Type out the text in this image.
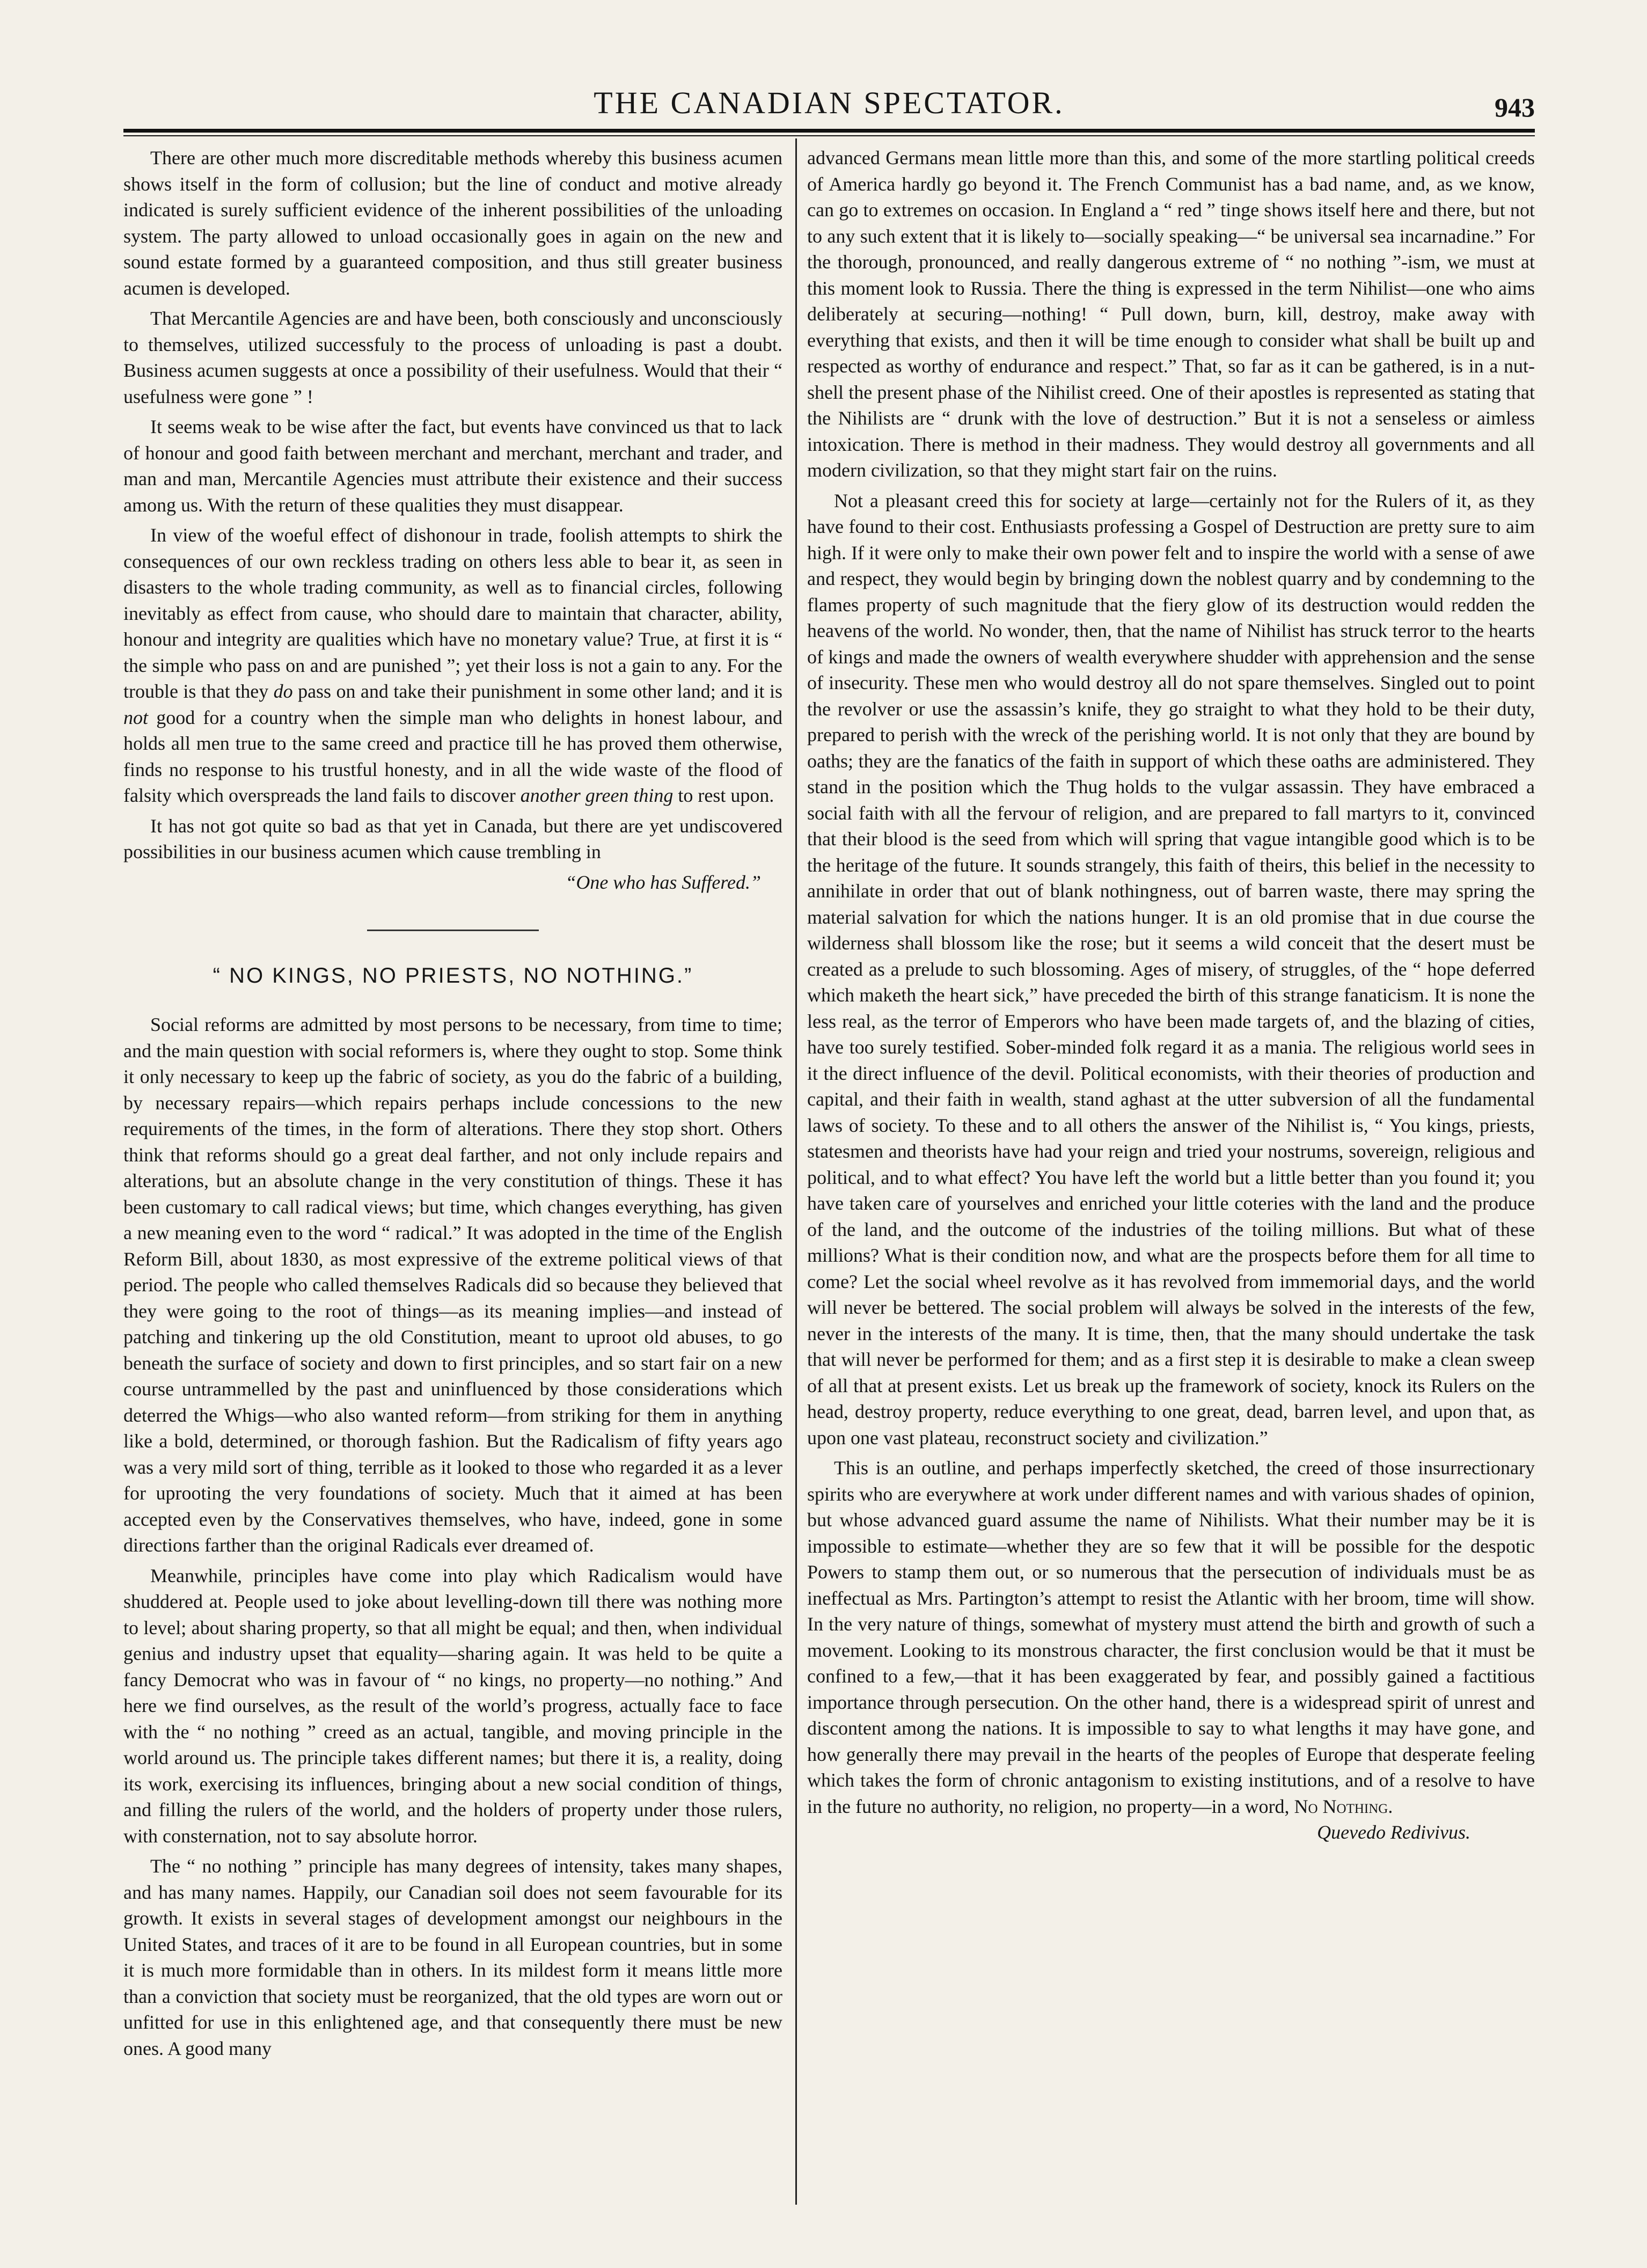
THE CANADIAN SPECTATOR.	943

There are other much more discreditable methods whereby this business acumen shows itself in the form of collusion; but the line of conduct and motive already indicated is surely sufficient evidence of the inherent possibilities of the unloading system. The party allowed to unload occasionally goes in again on the new and sound estate formed by a guaranteed composition, and thus still greater business acumen is developed.

That Mercantile Agencies are and have been, both consciously and unconsciously to themselves, utilized successfuly to the process of unloading is past a doubt. Business acumen suggests at once a possibility of their usefulness. Would that their “ usefulness were gone ” !

It seems weak to be wise after the fact, but events have convinced us that to lack of honour and good faith between merchant and merchant, merchant and trader, and man and man, Mercantile Agencies must attribute their existence and their success among us. With the return of these qualities they must disappear.

In view of the woeful effect of dishonour in trade, foolish attempts to shirk the consequences of our own reckless trading on others less able to bear it, as seen in disasters to the whole trading community, as well as to financial circles, following inevitably as effect from cause, who should dare to maintain that character, ability, honour and integrity are qualities which have no monetary value? True, at first it is “ the simple who pass on and are punished ”; yet their loss is not a gain to any. For the trouble is that they do pass on and take their punishment in some other land; and it is not good for a country when the simple man who delights in honest labour, and holds all men true to the same creed and practice till he has proved them otherwise, finds no response to his trustful honesty, and in all the wide waste of the flood of falsity which overspreads the land fails to discover another green thing to rest upon.

It has not got quite so bad as that yet in Canada, but there are yet undiscovered possibilities in our business acumen which cause trembling in

“One who has Suffered.”
“ NO KINGS, NO PRIESTS, NO NOTHING.”

Social reforms are admitted by most persons to be necessary, from time to time; and the main question with social reformers is, where they ought to stop. Some think it only necessary to keep up the fabric of society, as you do the fabric of a building, by necessary repairs—which repairs perhaps include concessions to the new requirements of the times, in the form of alterations. There they stop short. Others think that reforms should go a great deal farther, and not only include repairs and alterations, but an absolute change in the very constitution of things. These it has been customary to call radical views; but time, which changes everything, has given a new meaning even to the word “ radical.” It was adopted in the time of the English Reform Bill, about 1830, as most expressive of the extreme political views of that period. The people who called themselves Radicals did so because they believed that they were going to the root of things—as its meaning implies—and instead of patching and tinkering up the old Constitution, meant to uproot old abuses, to go beneath the surface of society and down to first principles, and so start fair on a new course untrammelled by the past and uninfluenced by those considerations which deterred the Whigs—who also wanted reform—from striking for them in anything like a bold, determined, or thorough fashion. But the Radicalism of fifty years ago was a very mild sort of thing, terrible as it looked to those who regarded it as a lever for uprooting the very foundations of society. Much that it aimed at has been accepted even by the Conservatives themselves, who have, indeed, gone in some directions farther than the original Radicals ever dreamed of.

Meanwhile, principles have come into play which Radicalism would have shuddered at. People used to joke about levelling-down till there was nothing more to level; about sharing property, so that all might be equal; and then, when individual genius and industry upset that equality—sharing again. It was held to be quite a fancy Democrat who was in favour of “ no kings, no property—no nothing.” And here we find ourselves, as the result of the world’s progress, actually face to face with the “ no nothing ” creed as an actual, tangible, and moving principle in the world around us. The principle takes different names; but there it is, a reality, doing its work, exercising its influences, bringing about a new social condition of things, and filling the rulers of the world, and the holders of property under those rulers, with consternation, not to say absolute horror.

The “ no nothing ” principle has many degrees of intensity, takes many shapes, and has many names. Happily, our Canadian soil does not seem favourable for its growth. It exists in several stages of development amongst our neighbours in the United States, and traces of it are to be found in all European countries, but in some it is much more formidable than in others. In its mildest form it means little more than a conviction that society must be reorganized, that the old types are worn out or unfitted for use in this enlightened age, and that consequently there must be new ones. A good many

advanced Germans mean little more than this, and some of the more startling political creeds of America hardly go beyond it. The French Communist has a bad name, and, as we know, can go to extremes on occasion. In England a “ red ” tinge shows itself here and there, but not to any such extent that it is likely to—socially speaking—“ be universal sea incarnadine.” For the thorough, pronounced, and really dangerous extreme of “ no nothing ”-ism, we must at this moment look to Russia. There the thing is expressed in the term Nihilist—one who aims deliberately at securing—nothing! “ Pull down, burn, kill, destroy, make away with everything that exists, and then it will be time enough to consider what shall be built up and respected as worthy of endurance and respect.” That, so far as it can be gathered, is in a nut-shell the present phase of the Nihilist creed. One of their apostles is represented as stating that the Nihilists are “ drunk with the love of destruction.” But it is not a senseless or aimless intoxication. There is method in their madness. They would destroy all governments and all modern civilization, so that they might start fair on the ruins.

Not a pleasant creed this for society at large—certainly not for the Rulers of it, as they have found to their cost. Enthusiasts professing a Gospel of Destruction are pretty sure to aim high. If it were only to make their own power felt and to inspire the world with a sense of awe and respect, they would begin by bringing down the noblest quarry and by condemning to the flames property of such magnitude that the fiery glow of its destruction would redden the heavens of the world. No wonder, then, that the name of Nihilist has struck terror to the hearts of kings and made the owners of wealth everywhere shudder with apprehension and the sense of insecurity. These men who would destroy all do not spare themselves. Singled out to point the revolver or use the assassin’s knife, they go straight to what they hold to be their duty, prepared to perish with the wreck of the perishing world. It is not only that they are bound by oaths; they are the fanatics of the faith in support of which these oaths are administered. They stand in the position which the Thug holds to the vulgar assassin. They have embraced a social faith with all the fervour of religion, and are prepared to fall martyrs to it, convinced that their blood is the seed from which will spring that vague intangible good which is to be the heritage of the future. It sounds strangely, this faith of theirs, this belief in the necessity to annihilate in order that out of blank nothingness, out of barren waste, there may spring the material salvation for which the nations hunger. It is an old promise that in due course the wilderness shall blossom like the rose; but it seems a wild conceit that the desert must be created as a prelude to such blossoming. Ages of misery, of struggles, of the “ hope deferred which maketh the heart sick,” have preceded the birth of this strange fanaticism. It is none the less real, as the terror of Emperors who have been made targets of, and the blazing of cities, have too surely testified. Sober-minded folk regard it as a mania. The religious world sees in it the direct influence of the devil. Political economists, with their theories of production and capital, and their faith in wealth, stand aghast at the utter subversion of all the fundamental laws of society. To these and to all others the answer of the Nihilist is, “ You kings, priests, statesmen and theorists have had your reign and tried your nostrums, sovereign, religious and political, and to what effect? You have left the world but a little better than you found it; you have taken care of yourselves and enriched your little coteries with the land and the produce of the land, and the outcome of the industries of the toiling millions. But what of these millions? What is their condition now, and what are the prospects before them for all time to come? Let the social wheel revolve as it has revolved from immemorial days, and the world will never be bettered. The social problem will always be solved in the interests of the few, never in the interests of the many. It is time, then, that the many should undertake the task that will never be performed for them; and as a first step it is desirable to make a clean sweep of all that at present exists. Let us break up the framework of society, knock its Rulers on the head, destroy property, reduce everything to one great, dead, barren level, and upon that, as upon one vast plateau, reconstruct society and civilization.”

This is an outline, and perhaps imperfectly sketched, the creed of those insurrectionary spirits who are everywhere at work under different names and with various shades of opinion, but whose advanced guard assume the name of Nihilists. What their number may be it is impossible to estimate—whether they are so few that it will be possible for the despotic Powers to stamp them out, or so numerous that the persecution of individuals must be as ineffectual as Mrs. Partington’s attempt to resist the Atlantic with her broom, time will show. In the very nature of things, somewhat of mystery must attend the birth and growth of such a movement. Looking to its monstrous character, the first conclusion would be that it must be confined to a few,—that it has been exaggerated by fear, and possibly gained a factitious importance through persecution. On the other hand, there is a widespread spirit of unrest and discontent among the nations. It is impossible to say to what lengths it may have gone, and how generally there may prevail in the hearts of the peoples of Europe that desperate feeling which takes the form of chronic antagonism to existing institutions, and of a resolve to have in the future no authority, no religion, no property—in a word, No Nothing.
Quevedo Redivivus.
